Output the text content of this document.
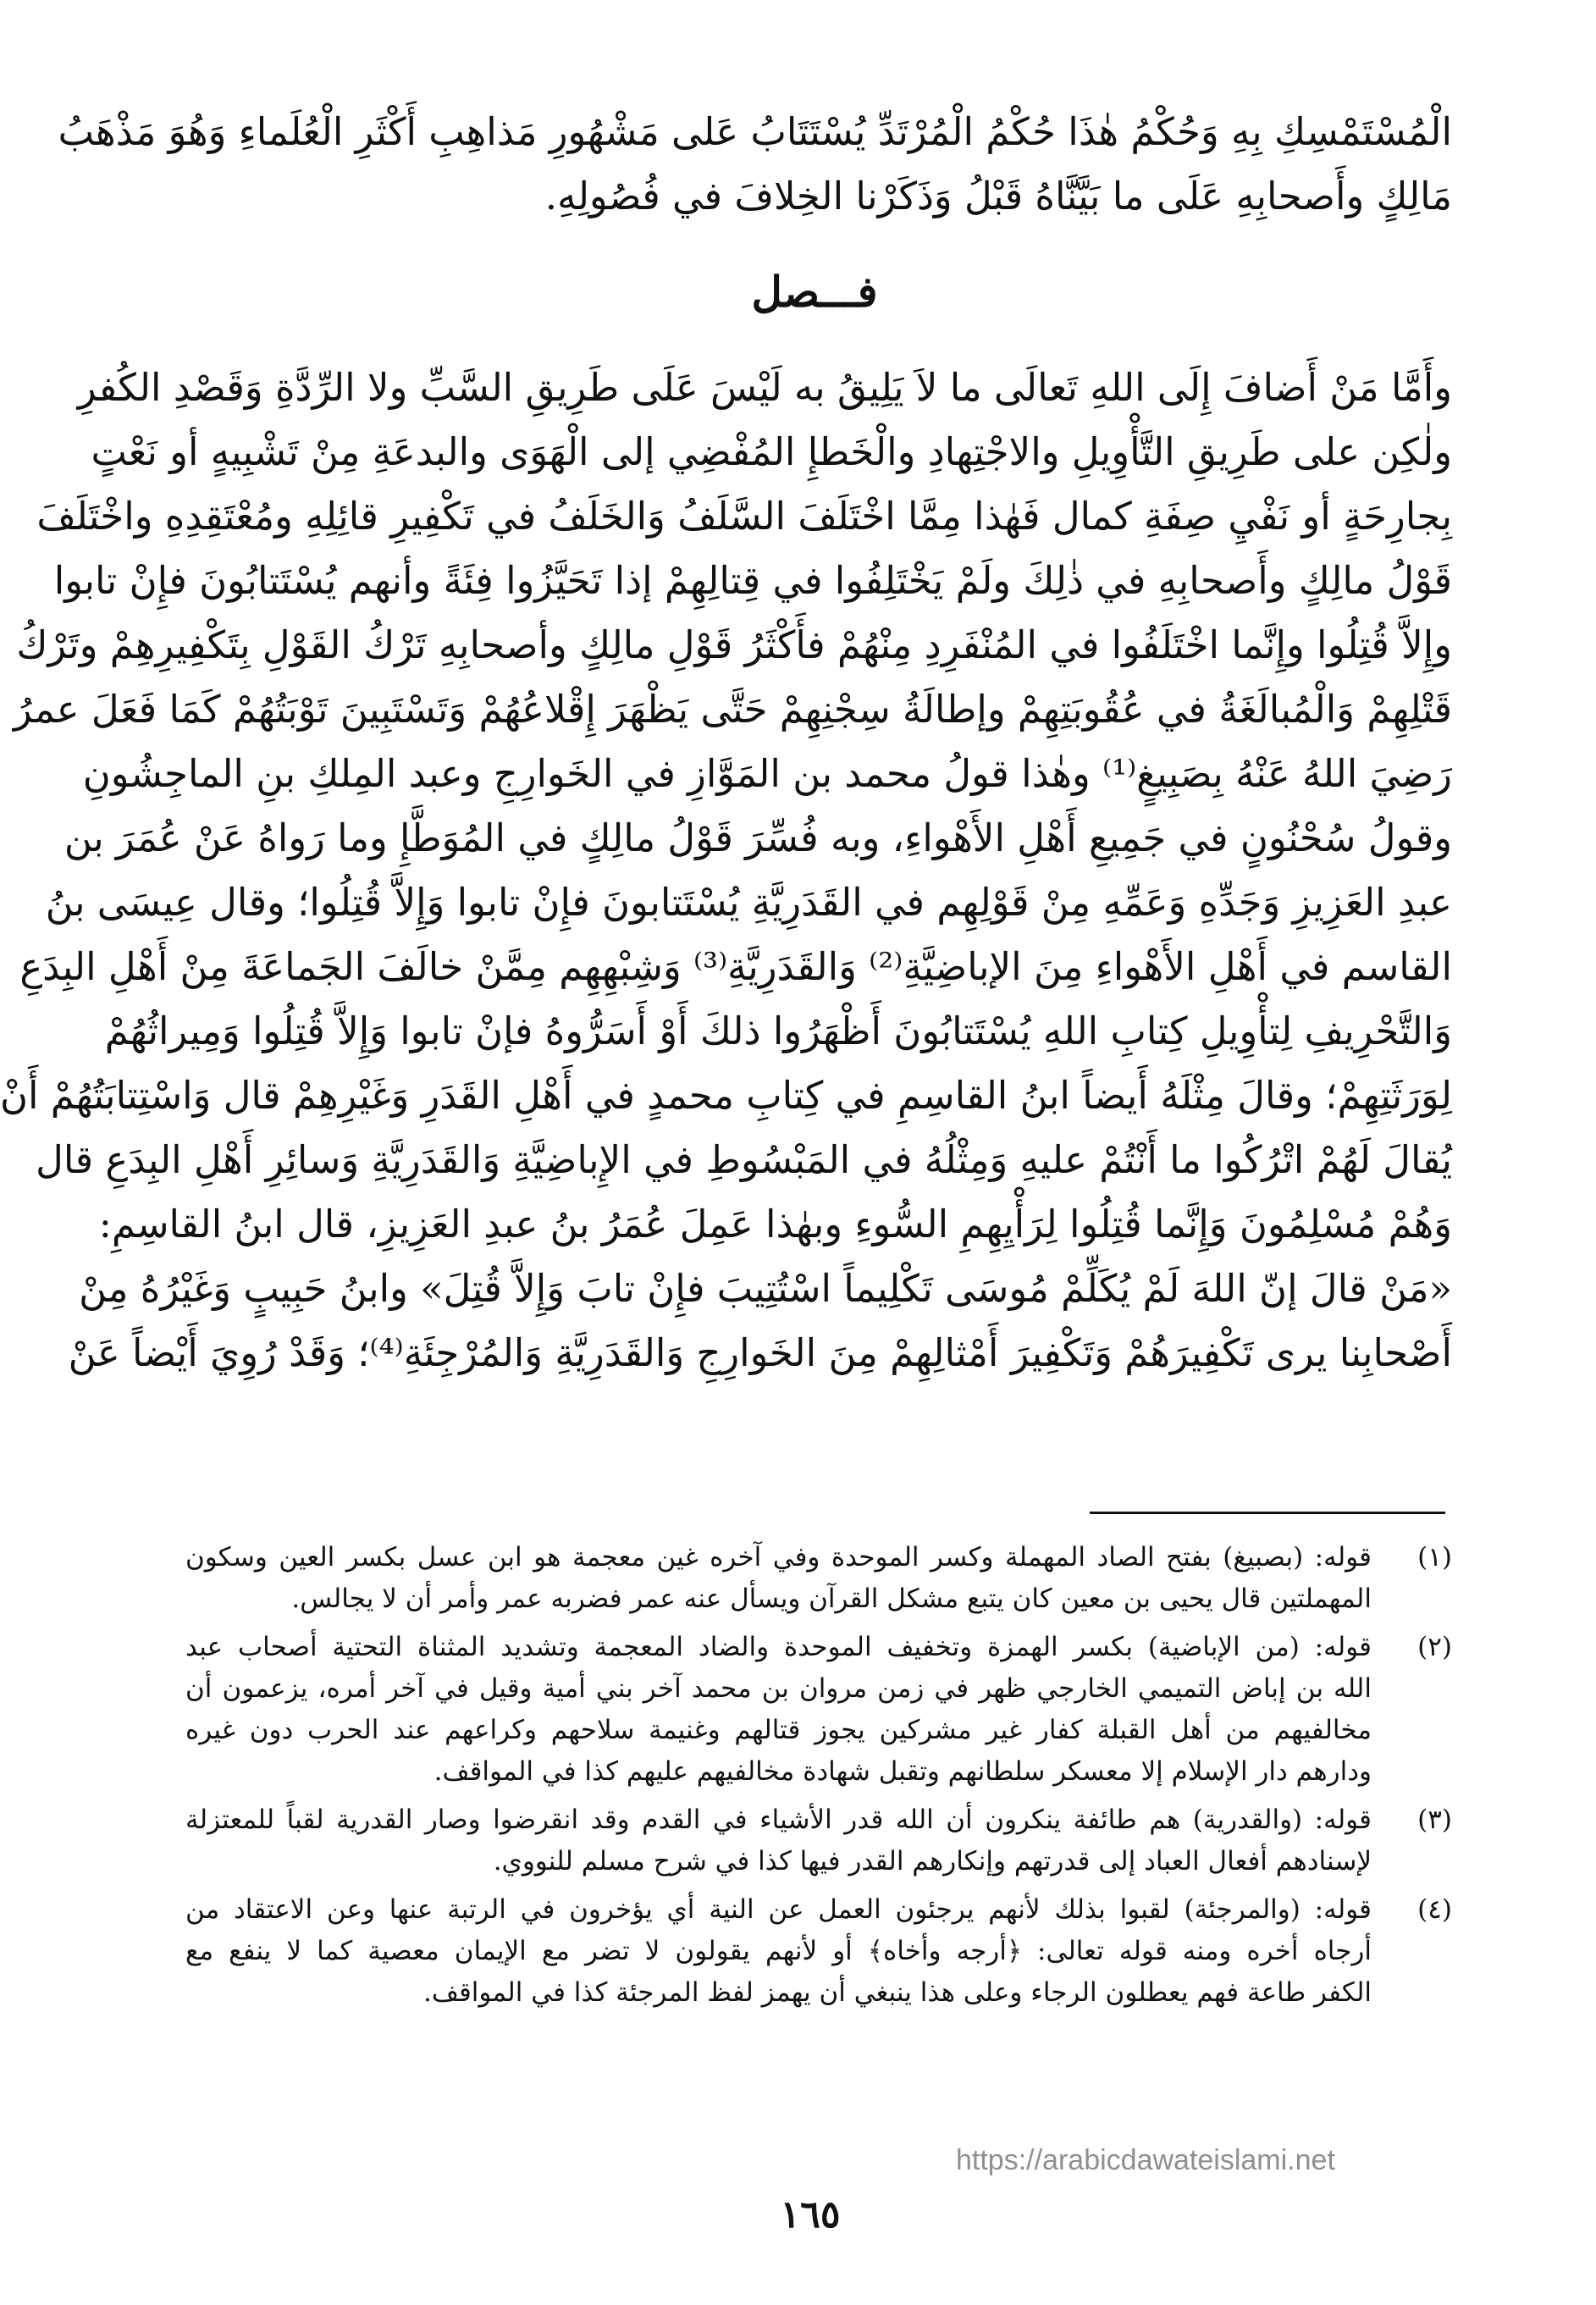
الْمُسْتَمْسِكِ بِهِ وَحُكْمُ هٰذَا حُكْمُ الْمُرْتَدِّ يُسْتَتَابُ عَلى مَشْهُورِ مَذاهِبِ أَكْثَرِ الْعُلَماءِ وَهُوَ مَذْهَبُ
مَالِكٍ وأَصحابِهِ عَلَى ما بَيَّنَّاهُ قَبْلُ وَذَكَرْنا الخِلافَ في فُصُولِهِ.
فـــصل
وأَمَّا مَنْ أَضافَ إِلَى اللهِ تَعالَى ما لاَ يَلِيقُ به لَيْسَ عَلَى طَرِيقِ السَّبِّ ولا الرِّدَّةِ وَقَصْدِ الكُفرِ
ولٰكِن على طَرِيقِ التَّأْوِيلِ والاجْتِهادِ والْخَطإِ المُفْضِي إلى الْهَوَى والبدعَةِ مِنْ تَشْبِيهٍ أو نَعْتٍ
بِجارِحَةٍ أو نَفْيِ صِفَةِ كمال فَهٰذا مِمَّا اخْتَلَفَ السَّلَفُ وَالخَلَفُ في تَكْفِيرِ قائِلِهِ ومُعْتَقِدِهِ واخْتَلَفَ
قَوْلُ مالِكٍ وأَصحابِهِ في ذٰلِكَ ولَمْ يَخْتَلِفُوا في قِتالِهِمْ إذا تَحَيَّزُوا فِئَةً وأنهم يُسْتَتابُونَ فإِنْ تابوا
وإِلاَّ قُتِلُوا وإِنَّما اخْتَلَفُوا في المُنْفَرِدِ مِنْهُمْ فأَكْثَرُ قَوْلِ مالِكٍ وأصحابِهِ تَرْكُ القَوْلِ بِتَكْفِيرِهِمْ وتَرْكُ
قَتْلِهِمْ وَالْمُبالَغَةُ في عُقُوبَتِهِمْ وإطالَةُ سِجْنِهِمْ حَتَّى يَظْهَرَ إِقْلاعُهُمْ وَتَسْتَبِينَ تَوْبَتُهُمْ كَمَا فَعَلَ عمرُ
رَضِيَ اللهُ عَنْهُ بِصَبِيغٍ⁽¹⁾ وهٰذا قولُ محمد بن المَوَّازِ في الخَوارِجِ وعبد المِلكِ بنِ الماجِشُونِ
وقولُ سُحْنُونٍ في جَمِيعِ أَهْلِ الأَهْواءِ، وبه فُسِّرَ قَوْلُ مالِكٍ في المُوَطَّإِ وما رَواهُ عَنْ عُمَرَ بن
عبدِ العَزِيزِ وَجَدِّهِ وَعَمِّهِ مِنْ قَوْلِهِم في القَدَرِيَّةِ يُسْتَتابونَ فإِنْ تابوا وَإِلاَّ قُتِلُوا؛ وقال عِيسَى بنُ
القاسم في أَهْلِ الأَهْواءِ مِنَ الإباضِيَّةِ⁽²⁾ وَالقَدَرِيَّةِ⁽³⁾ وَشِبْهِهِم مِمَّنْ خالَفَ الجَماعَةَ مِنْ أَهْلِ البِدَعِ
وَالتَّحْرِيفِ لِتأْوِيلِ كِتابِ اللهِ يُسْتَتابُونَ أَظْهَرُوا ذلكَ أَوْ أَسَرُّوهُ فإنْ تابوا وَإِلاَّ قُتِلُوا وَمِيراثُهُمْ
لِوَرَثَتِهِمْ؛ وقالَ مِثْلَهُ أَيضاً ابنُ القاسِمِ في كِتابِ محمدٍ في أَهْلِ القَدَرِ وَغَيْرِهِمْ قال وَاسْتِتابَتُهُمْ أَنْ
يُقالَ لَهُمْ اتْرُكُوا ما أَنْتُمْ عليهِ وَمِثْلُهُ في المَبْسُوطِ في الإِباضِيَّةِ وَالقَدَرِيَّةِ وَسائِرِ أَهْلِ البِدَعِ قال
وَهُمْ مُسْلِمُونَ وَإِنَّما قُتِلُوا لِرَأْيِهِمِ السُّوءِ وبهٰذا عَمِلَ عُمَرُ بنُ عبدِ العَزِيزِ، قال ابنُ القاسِمِ:
«مَنْ قالَ إنّ اللهَ لَمْ يُكَلِّمْ مُوسَى تَكْلِيماً اسْتُتِيبَ فإِنْ تابَ وَإِلاَّ قُتِلَ» وابنُ حَبِيبٍ وَغَيْرُهُ مِنْ
أَصْحابِنا يرى تَكْفِيرَهُمْ وَتَكْفِيرَ أَمْثالِهِمْ مِنَ الخَوارِجِ وَالقَدَرِيَّةِ وَالمُرْجِئَةِ⁽⁴⁾؛ وَقَدْ رُوِيَ أَيْضاً عَنْ
(١)
قوله: (بصبيغ) بفتح الصاد المهملة وكسر الموحدة وفي آخره غين معجمة هو ابن عسل بكسر العين وسكون
المهملتين قال يحيى بن معين كان يتبع مشكل القرآن ويسأل عنه عمر فضربه عمر وأمر أن لا يجالس.
(٢)
قوله: (من الإباضية) بكسر الهمزة وتخفيف الموحدة والضاد المعجمة وتشديد المثناة التحتية أصحاب عبد
الله بن إباض التميمي الخارجي ظهر في زمن مروان بن محمد آخر بني أمية وقيل في آخر أمره، يزعمون أن
مخالفيهم من أهل القبلة كفار غير مشركين يجوز قتالهم وغنيمة سلاحهم وكراعهم عند الحرب دون غيره
ودارهم دار الإسلام إلا معسكر سلطانهم وتقبل شهادة مخالفيهم عليهم كذا في المواقف.
(٣)
قوله: (والقدرية) هم طائفة ينكرون أن الله قدر الأشياء في القدم وقد انقرضوا وصار القدرية لقباً للمعتزلة
لإسنادهم أفعال العباد إلى قدرتهم وإنكارهم القدر فيها كذا في شرح مسلم للنووي.
(٤)
قوله: (والمرجئة) لقبوا بذلك لأنهم يرجئون العمل عن النية أي يؤخرون في الرتبة عنها وعن الاعتقاد من
أرجاه أخره ومنه قوله تعالى: ﴿أرجه وأخاه﴾ أو لأنهم يقولون لا تضر مع الإيمان معصية كما لا ينفع مع
الكفر طاعة فهم يعطلون الرجاء وعلى هذا ينبغي أن يهمز لفظ المرجئة كذا في المواقف.
https://arabicdawateislami.net
١٦٥
